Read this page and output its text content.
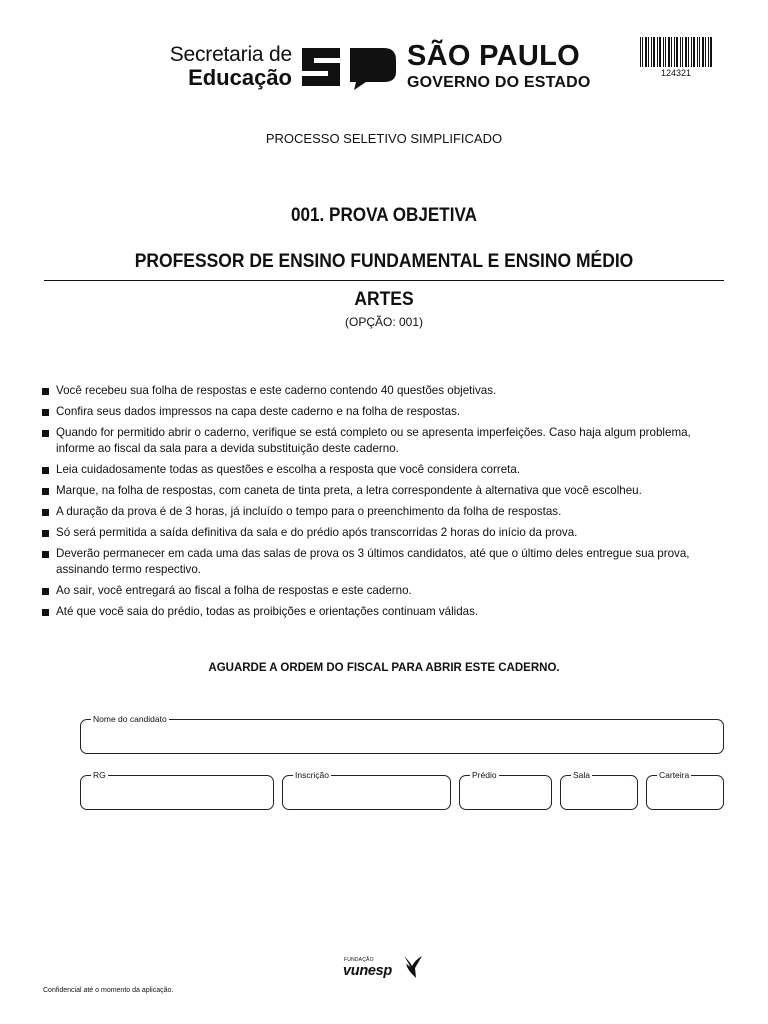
Secretaria de
Educação
SÃO PAULO
GOVERNO DO ESTADO
124321
PROCESSO SELETIVO SIMPLIFICADO
001. PROVA OBJETIVA
PROFESSOR DE ENSINO FUNDAMENTAL E ENSINO MÉDIO
ARTES
(OPÇÃO: 001)
Você recebeu sua folha de respostas e este caderno contendo 40 questões objetivas.
Confira seus dados impressos na capa deste caderno e na folha de respostas.
Quando for permitido abrir o caderno, verifique se está completo ou se apresenta imperfeições. Caso haja algum problema, informe ao fiscal da sala para a devida substituição deste caderno.
Leia cuidadosamente todas as questões e escolha a resposta que você considera correta.
Marque, na folha de respostas, com caneta de tinta preta, a letra correspondente à alternativa que você escolheu.
A duração da prova é de 3 horas, já incluído o tempo para o preenchimento da folha de respostas.
Só será permitida a saída definitiva da sala e do prédio após transcorridas 2 horas do início da prova.
Deverão permanecer em cada uma das salas de prova os 3 últimos candidatos, até que o último deles entregue sua prova, assinando termo respectivo.
Ao sair, você entregará ao fiscal a folha de respostas e este caderno.
Até que você saia do prédio, todas as proibições e orientações continuam válidas.
AGUARDE A ORDEM DO FISCAL PARA ABRIR ESTE CADERNO.
Nome do candidato
RG	Inscrição	Prédio	Sala	Carteira
FUNDAÇÃO
vunesp
Confidencial até o momento da aplicação.
